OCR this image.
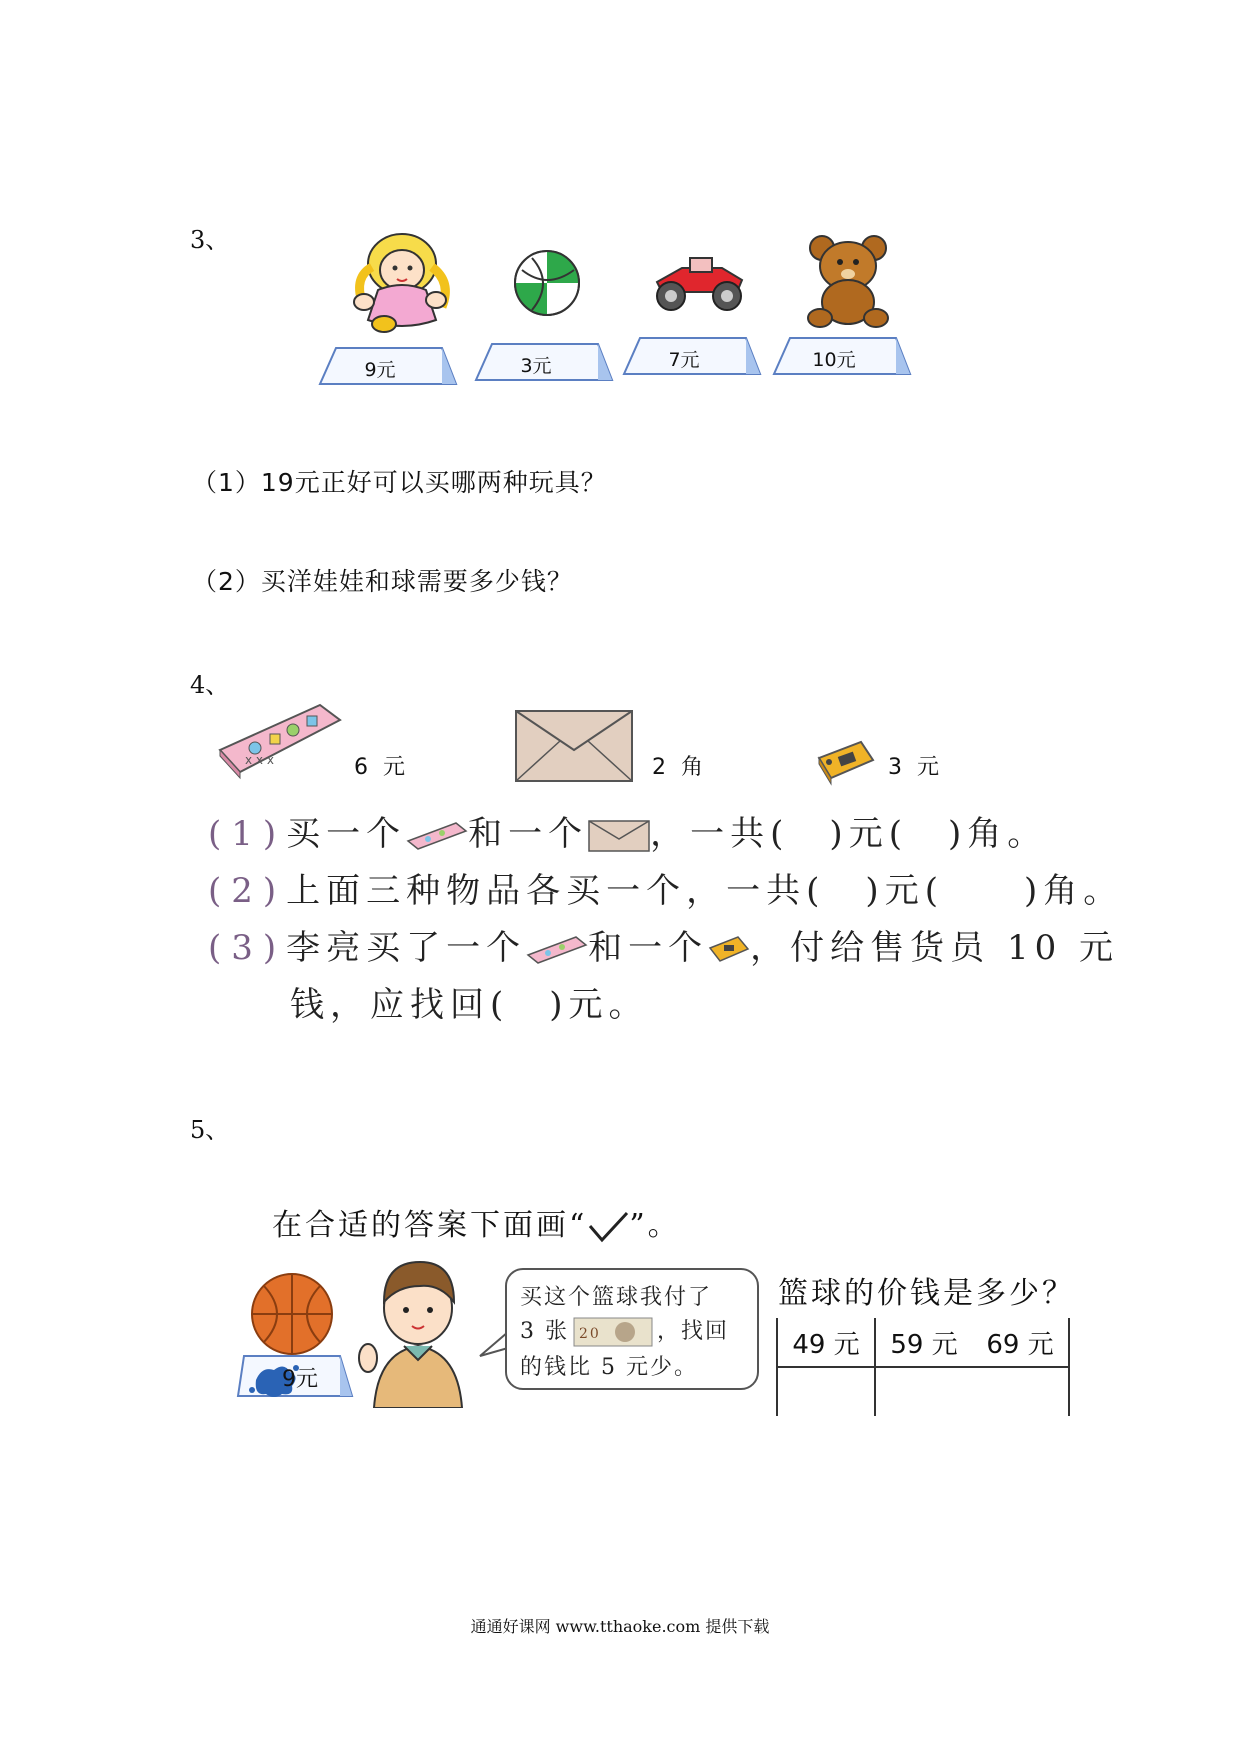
3、
9元	3元	7元	10元
（1）19元正好可以买哪两种玩具？
（2）买洋娃娃和球需要多少钱？
4、
x x x	6 元	2 角	3 元
(1)买一个 和一个 ，一共(　)元(　)角。
(2)上面三种物品各买一个，一共(　)元(　　)角。
(3)李亮买了一个 和一个 ，付给售货员 10 元
钱，应找回(　)元。
5、
在合适的答案下面画“ ”。
9元
买这个篮球我付了
3 张 20	，找回
的钱比 5 元少。
篮球的价钱是多少？
49 元	59 元	69 元

通通好课网 www.tthaoke.com 提供下载
